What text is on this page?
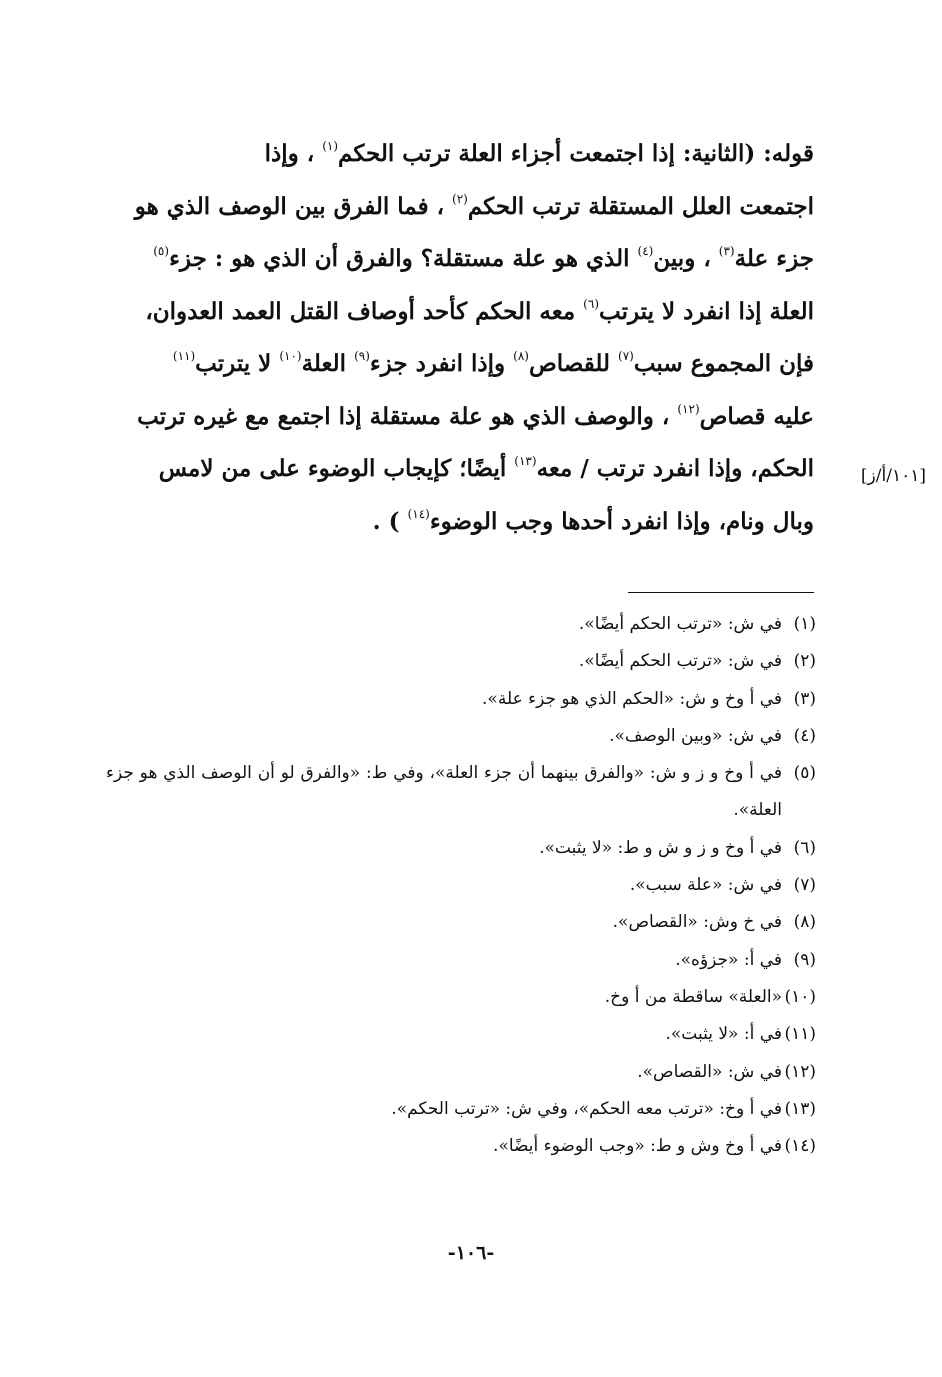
قوله: (الثانية: إذا اجتمعت أجزاء العلة ترتب الحكم$^{(١)}$ ، وإذا
اجتمعت العلل المستقلة ترتب الحكم$^{(٢)}$ ، فما الفرق بين الوصف الذي هو
جزء علة$^{(٣)}$ ، وبين$^{(٤)}$ الذي هو علة مستقلة؟ والفرق أن الذي هو : جزء$^{(٥)}$
العلة إذا انفرد لا يترتب$^{(٦)}$ معه الحكم كأحد أوصاف القتل العمد العدوان،
فإن المجموع سبب$^{(٧)}$ للقصاص$^{(٨)}$ وإذا انفرد جزء$^{(٩)}$ العلة$^{(١٠)}$ لا يترتب$^{(١١)}$
عليه قصاص$^{(١٢)}$ ، والوصف الذي هو علة مستقلة إذا اجتمع مع غيره ترتب
الحكم، وإذا انفرد ترتب / معه$^{(١٣)}$ أيضًا؛ كإيجاب الوضوء على من لامس
وبال ونام، وإذا انفرد أحدها وجب الوضوء$^{(١٤)}$ ) .
[١٠١/أ/ز]
(١)
في ش: «ترتب الحكم أيضًا».
(٢)
في ش: «ترتب الحكم أيضًا».
(٣)
في أ وخ و ش: «الحكم الذي هو جزء علة».
(٤)
في ش: «وبين الوصف».
(٥)
في أ وخ و ز و ش: «والفرق بينهما أن جزء العلة»، وفي ط: «والفرق لو أن الوصف الذي هو جزء العلة».
(٦)
في أ وخ و ز و ش و ط: «لا يثبت».
(٧)
في ش: «علة سبب».
(٨)
في خ وش: «القصاص».
(٩)
في أ: «جزؤه».
(١٠)
«العلة» ساقطة من أ وخ.
(١١)
في أ: «لا يثبت».
(١٢)
في ش: «القصاص».
(١٣)
في أ وخ: «ترتب معه الحكم»، وفي ش: «ترتب الحكم».
(١٤)
في أ وخ وش و ط: «وجب الوضوء أيضًا».
-١٠٦-
